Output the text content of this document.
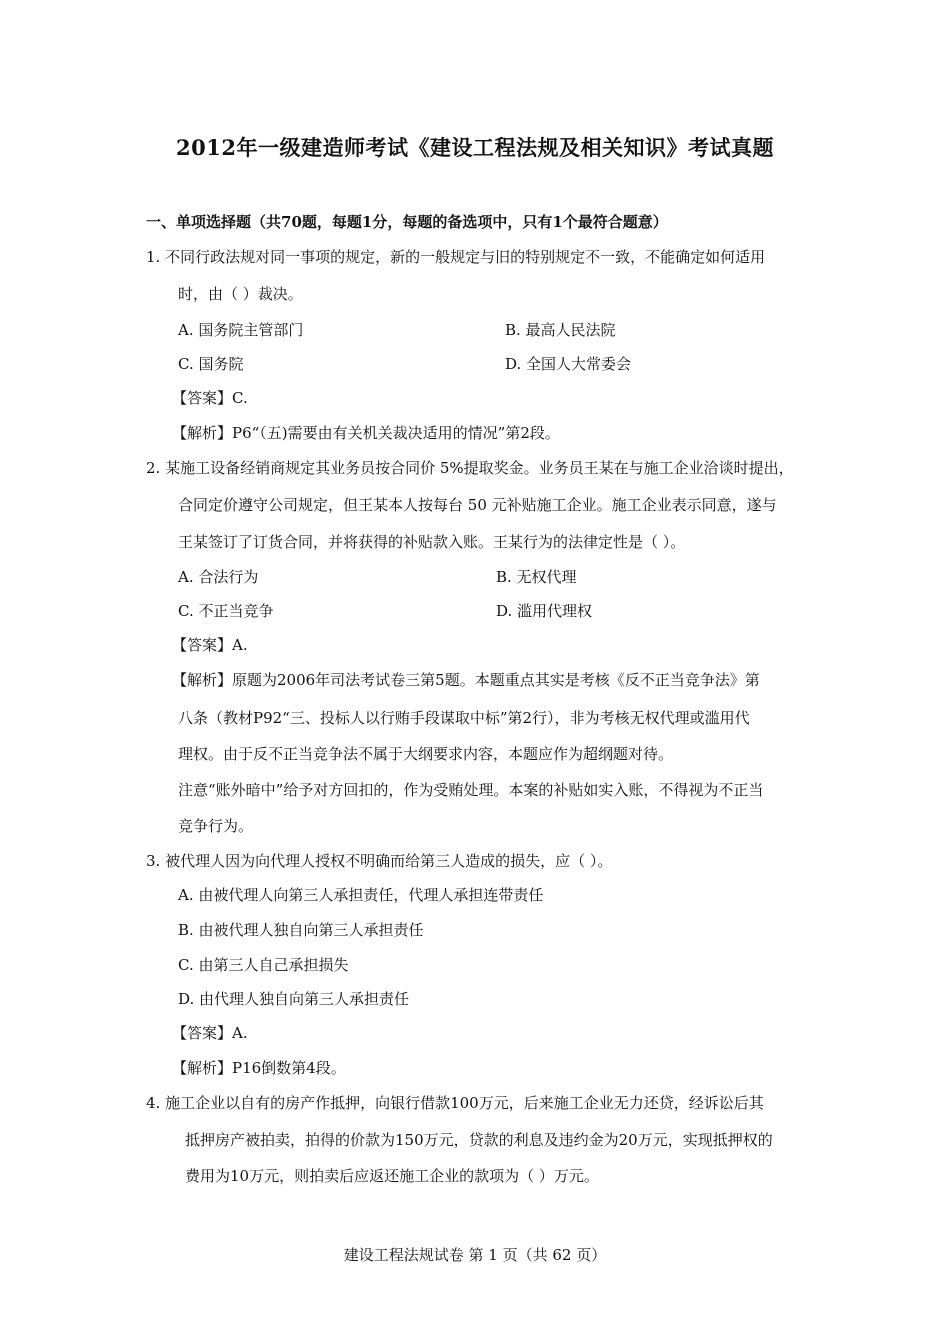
2012年一级建造师考试《建设工程法规及相关知识》考试真题
一、单项选择题（共70题，每题1分，每题的备选项中，只有1个最符合题意）
1. 不同行政法规对同一事项的规定，新的一般规定与旧的特别规定不一致，不能确定如何适用
时，由（ ）裁决。
A. 国务院主管部门	B. 最高人民法院
C. 国务院	D. 全国人大常委会
【答案】C.
【解析】P6“（五)需要由有关机关裁决适用的情况”第2段。
2. 某施工设备经销商规定其业务员按合同价 5%提取奖金。业务员王某在与施工企业洽谈时提出，
合同定价遵守公司规定，但王某本人按每台 50 元补贴施工企业。施工企业表示同意，遂与
王某签订了订货合同，并将获得的补贴款入账。王某行为的法律定性是（ ）。
A. 合法行为	B. 无权代理
C. 不正当竞争	D. 滥用代理权
【答案】A.
【解析】原题为2006年司法考试卷三第5题。本题重点其实是考核《反不正当竞争法》第
八条（教材P92“三、投标人以行贿手段谋取中标”第2行），非为考核无权代理或滥用代
理权。由于反不正当竞争法不属于大纲要求内容，本题应作为超纲题对待。
注意“账外暗中”给予对方回扣的，作为受贿处理。本案的补贴如实入账，不得视为不正当
竞争行为。
3. 被代理人因为向代理人授权不明确而给第三人造成的损失，应（ ）。
A. 由被代理人向第三人承担责任，代理人承担连带责任
B. 由被代理人独自向第三人承担责任
C. 由第三人自己承担损失
D. 由代理人独自向第三人承担责任
【答案】A.
【解析】P16倒数第4段。
4. 施工企业以自有的房产作抵押，向银行借款100万元，后来施工企业无力还贷，经诉讼后其
抵押房产被拍卖，拍得的价款为150万元，贷款的利息及违约金为20万元，实现抵押权的
费用为10万元，则拍卖后应返还施工企业的款项为（ ）万元。
建设工程法规试卷 第 1 页（共 62 页）
